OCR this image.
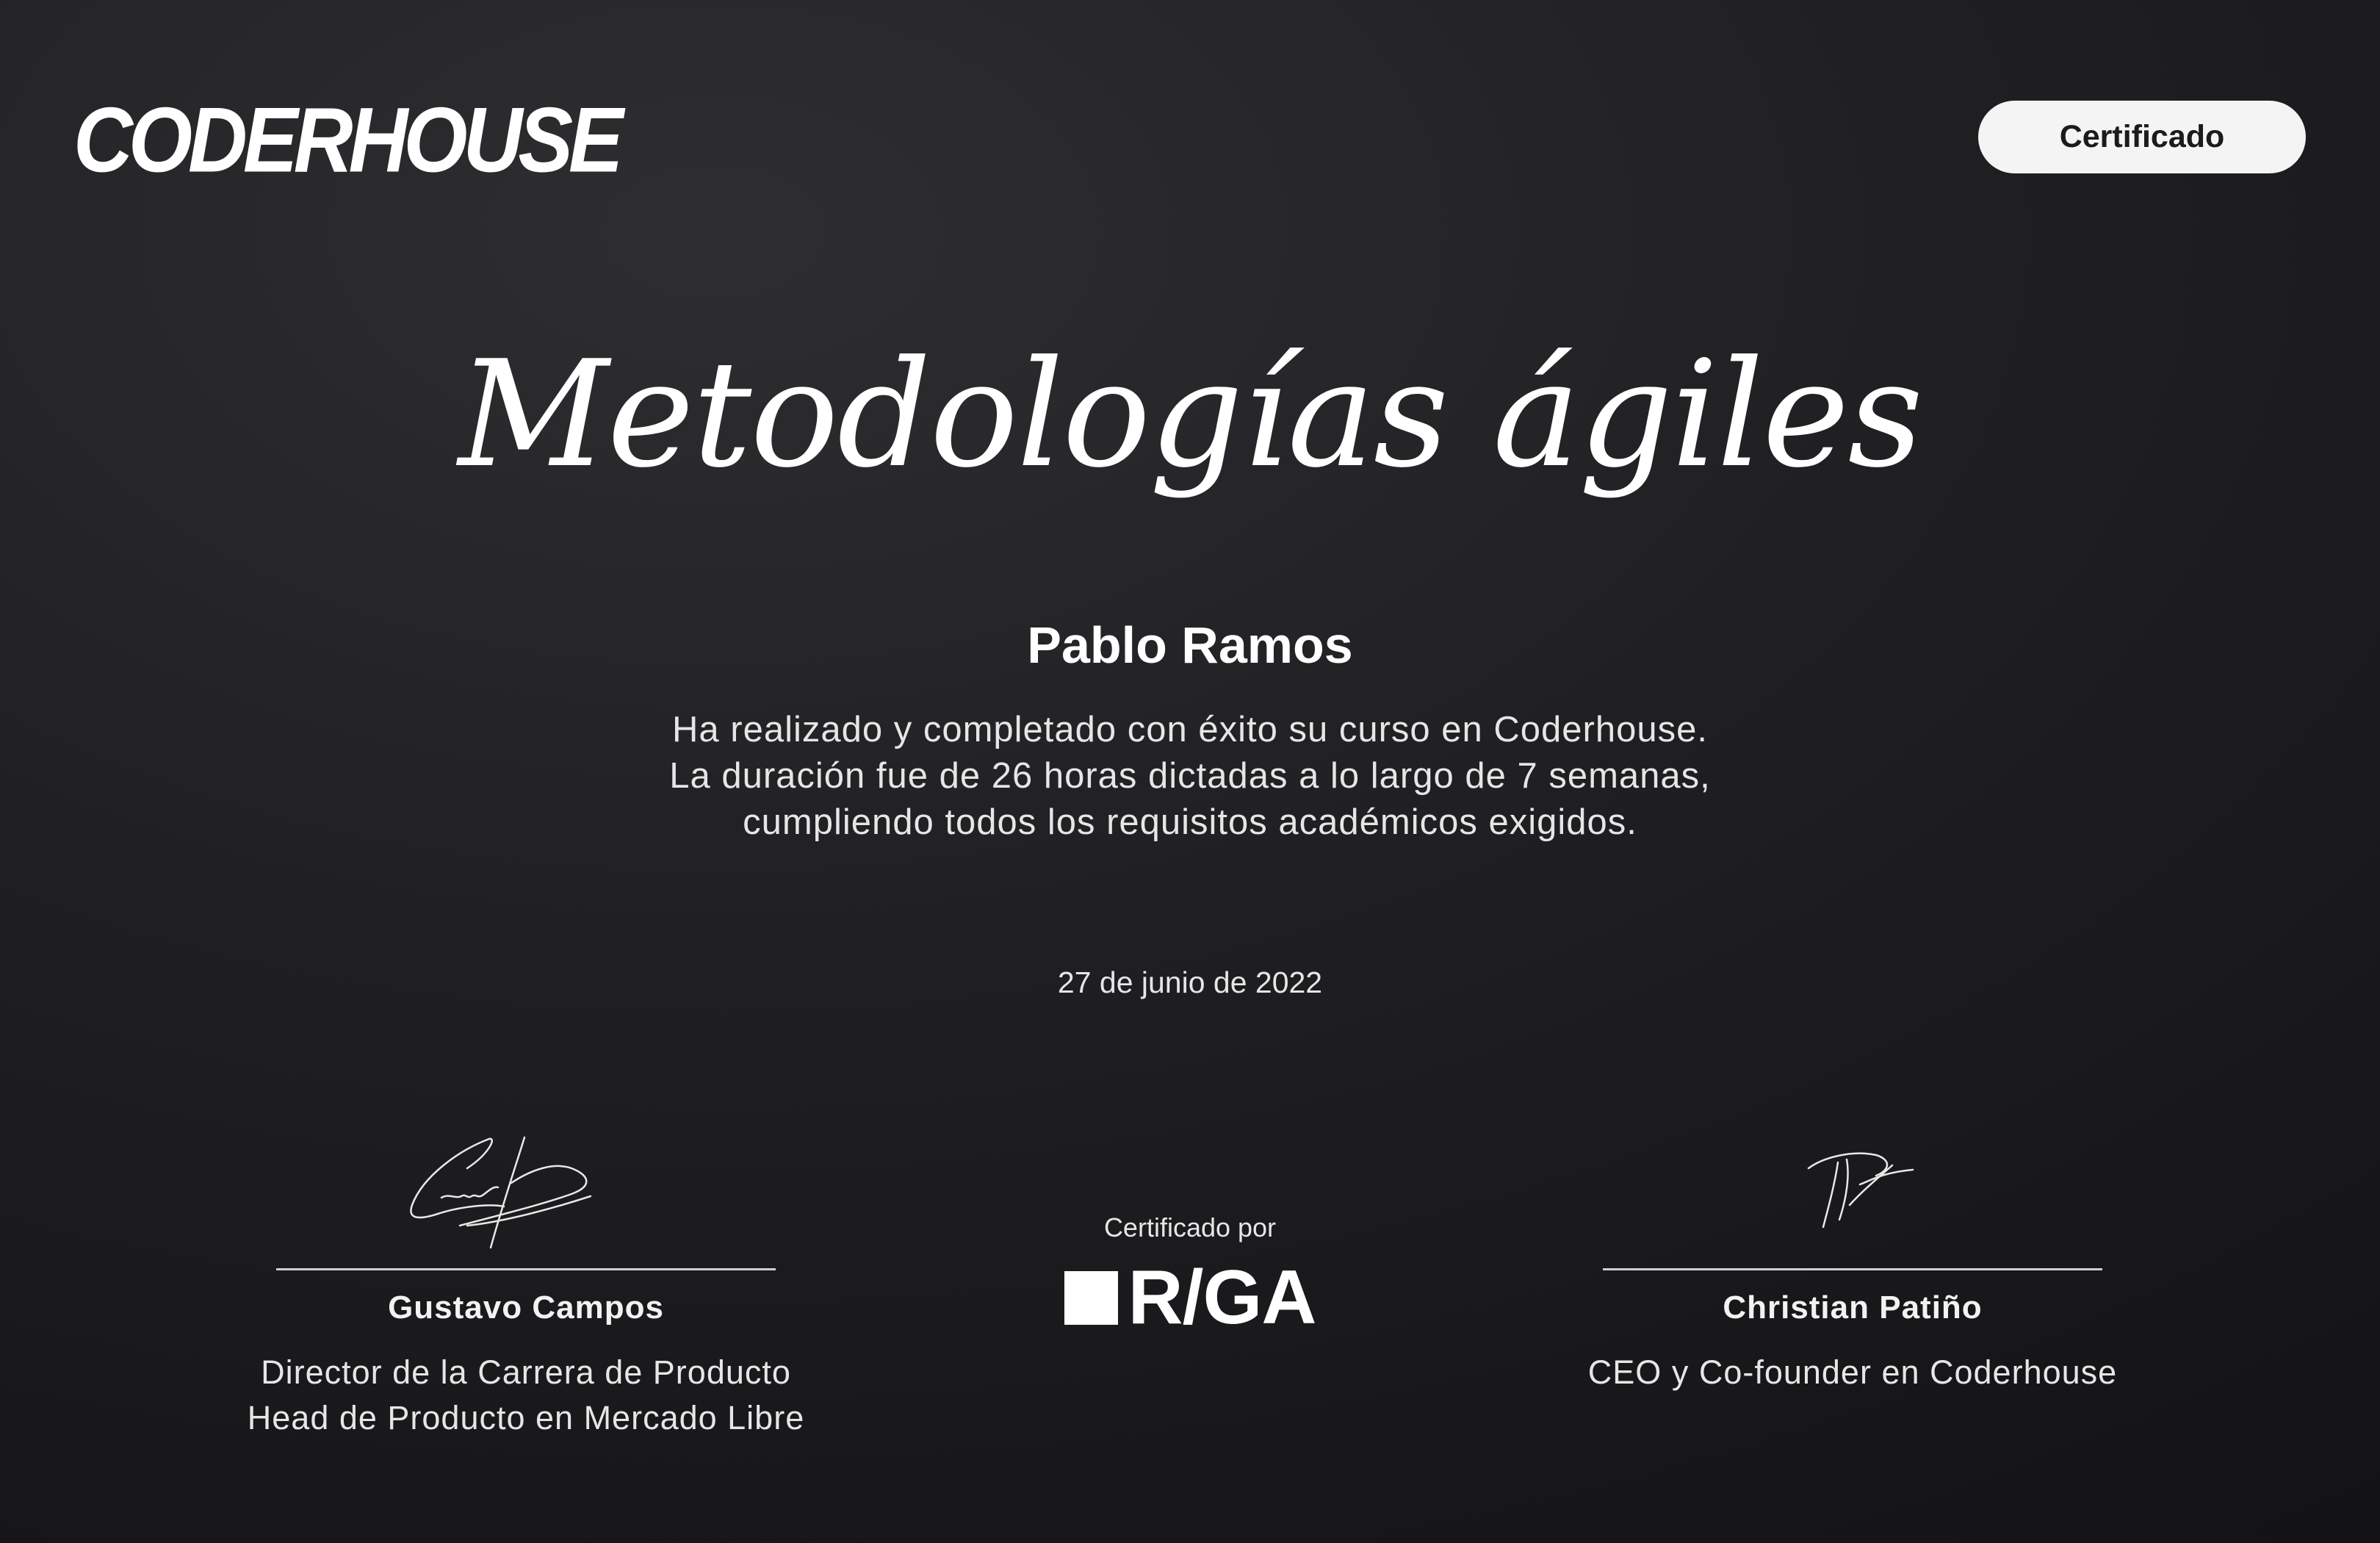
CODERHOUSE	Certificado
Metodologías ágiles
Pablo Ramos
Ha realizado y completado con éxito su curso en Coderhouse.
La duración fue de 26 horas dictadas a lo largo de 7 semanas,
cumpliendo todos los requisitos académicos exigidos.
27 de junio de 2022
Gustavo Campos
Director de la Carrera de Producto
Head de Producto en Mercado Libre
Certificado por
R/GA	Christian Patiño
CEO y Co-founder en Coderhouse
